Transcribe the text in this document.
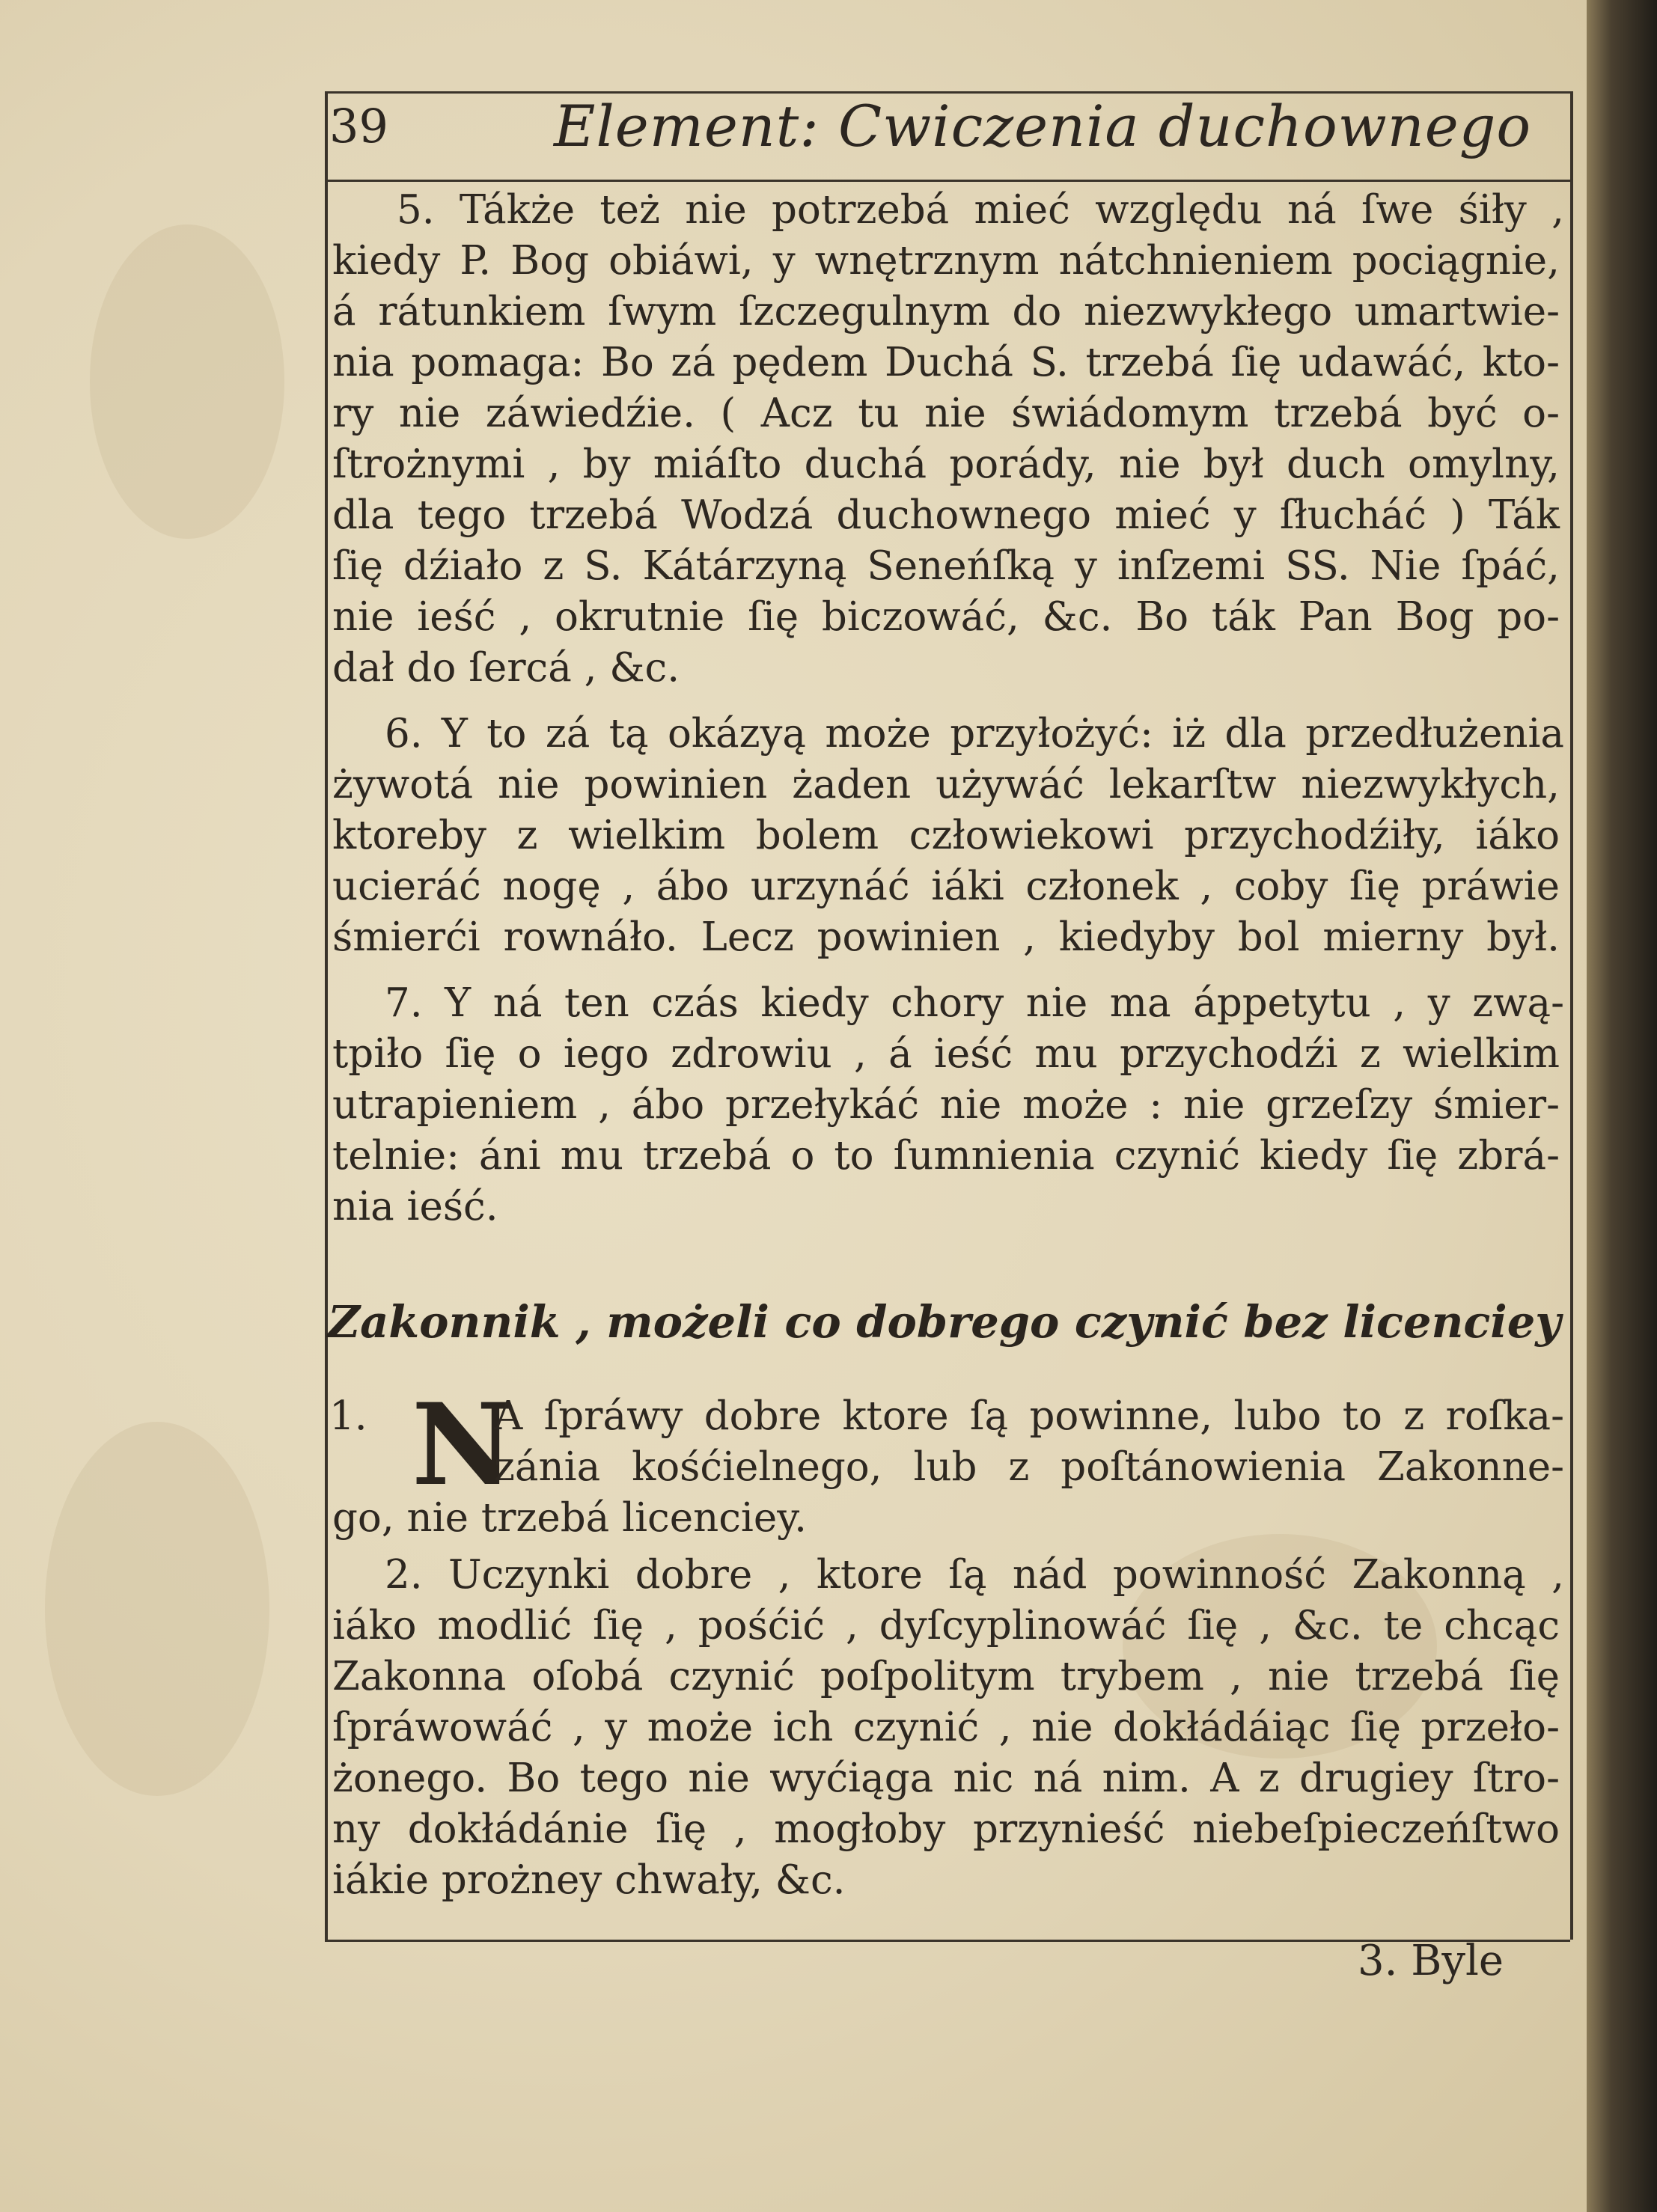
39	Element: Cwiczenia duchownego
5. Tákże też nie potrzebá mieć względu ná ſwe śiły ,
kiedy P. Bog obiáwi, y wnętrznym nátchnieniem pociągnie,
á rátunkiem ſwym ſzczegulnym do niezwykłego umartwie-
nia pomaga: Bo zá pędem Duchá S. trzebá ſię udawáć, kto-
ry nie záwiedźie. ( Acz tu nie świádomym trzebá być o-
ſtrożnymi , by miáſto duchá porády, nie był duch omylny,
dla tego trzebá Wodzá duchownego mieć y ſłucháć ) Ták
ſię dźiało z S. Kátárzyną Seneńſką y inſzemi SS. Nie ſpáć,
nie ieść , okrutnie ſię biczowáć, &c. Bo ták Pan Bog po-
dał do ſercá , &c.
6. Y to zá tą okázyą może przyłożyć: iż dla przedłużenia
żywotá nie powinien żaden używáć lekarſtw niezwykłych,
ktoreby z wielkim bolem człowiekowi przychodźiły, iáko
ucieráć nogę , ábo urzynáć iáki członek , coby ſię práwie
śmierći rownáło. Lecz powinien , kiedyby bol mierny był.
7. Y ná ten czás kiedy chory nie ma áppetytu , y zwą-
tpiło ſię o iego zdrowiu , á ieść mu przychodźi z wielkim
utrapieniem , ábo przełykáć nie może : nie grzeſzy śmier-
telnie: áni mu trzebá o to ſumnienia czynić kiedy ſię zbrá-
nia ieść.
Zakonnik , możeli co dobrego czynić bez licenciey
1. N
A ſpráwy dobre ktore ſą powinne, lubo to z roſka-
zánia kośćielnego, lub z poſtánowienia Zakonne-
go, nie trzebá licenciey.
2. Uczynki dobre , ktore ſą nád powinność Zakonną ,
iáko modlić ſię , pośćić , dyſcyplinowáć ſię , &c. te chcąc
Zakonna oſobá czynić poſpolitym trybem , nie trzebá ſię
ſpráwowáć , y może ich czynić , nie dokłádáiąc ſię przeło-
żonego. Bo tego nie wyćiąga nic ná nim. A z drugiey ſtro-
ny dokłádánie ſię , mogłoby przynieść niebeſpieczeńſtwo
iákie prożney chwały, &c.
3. Byle
